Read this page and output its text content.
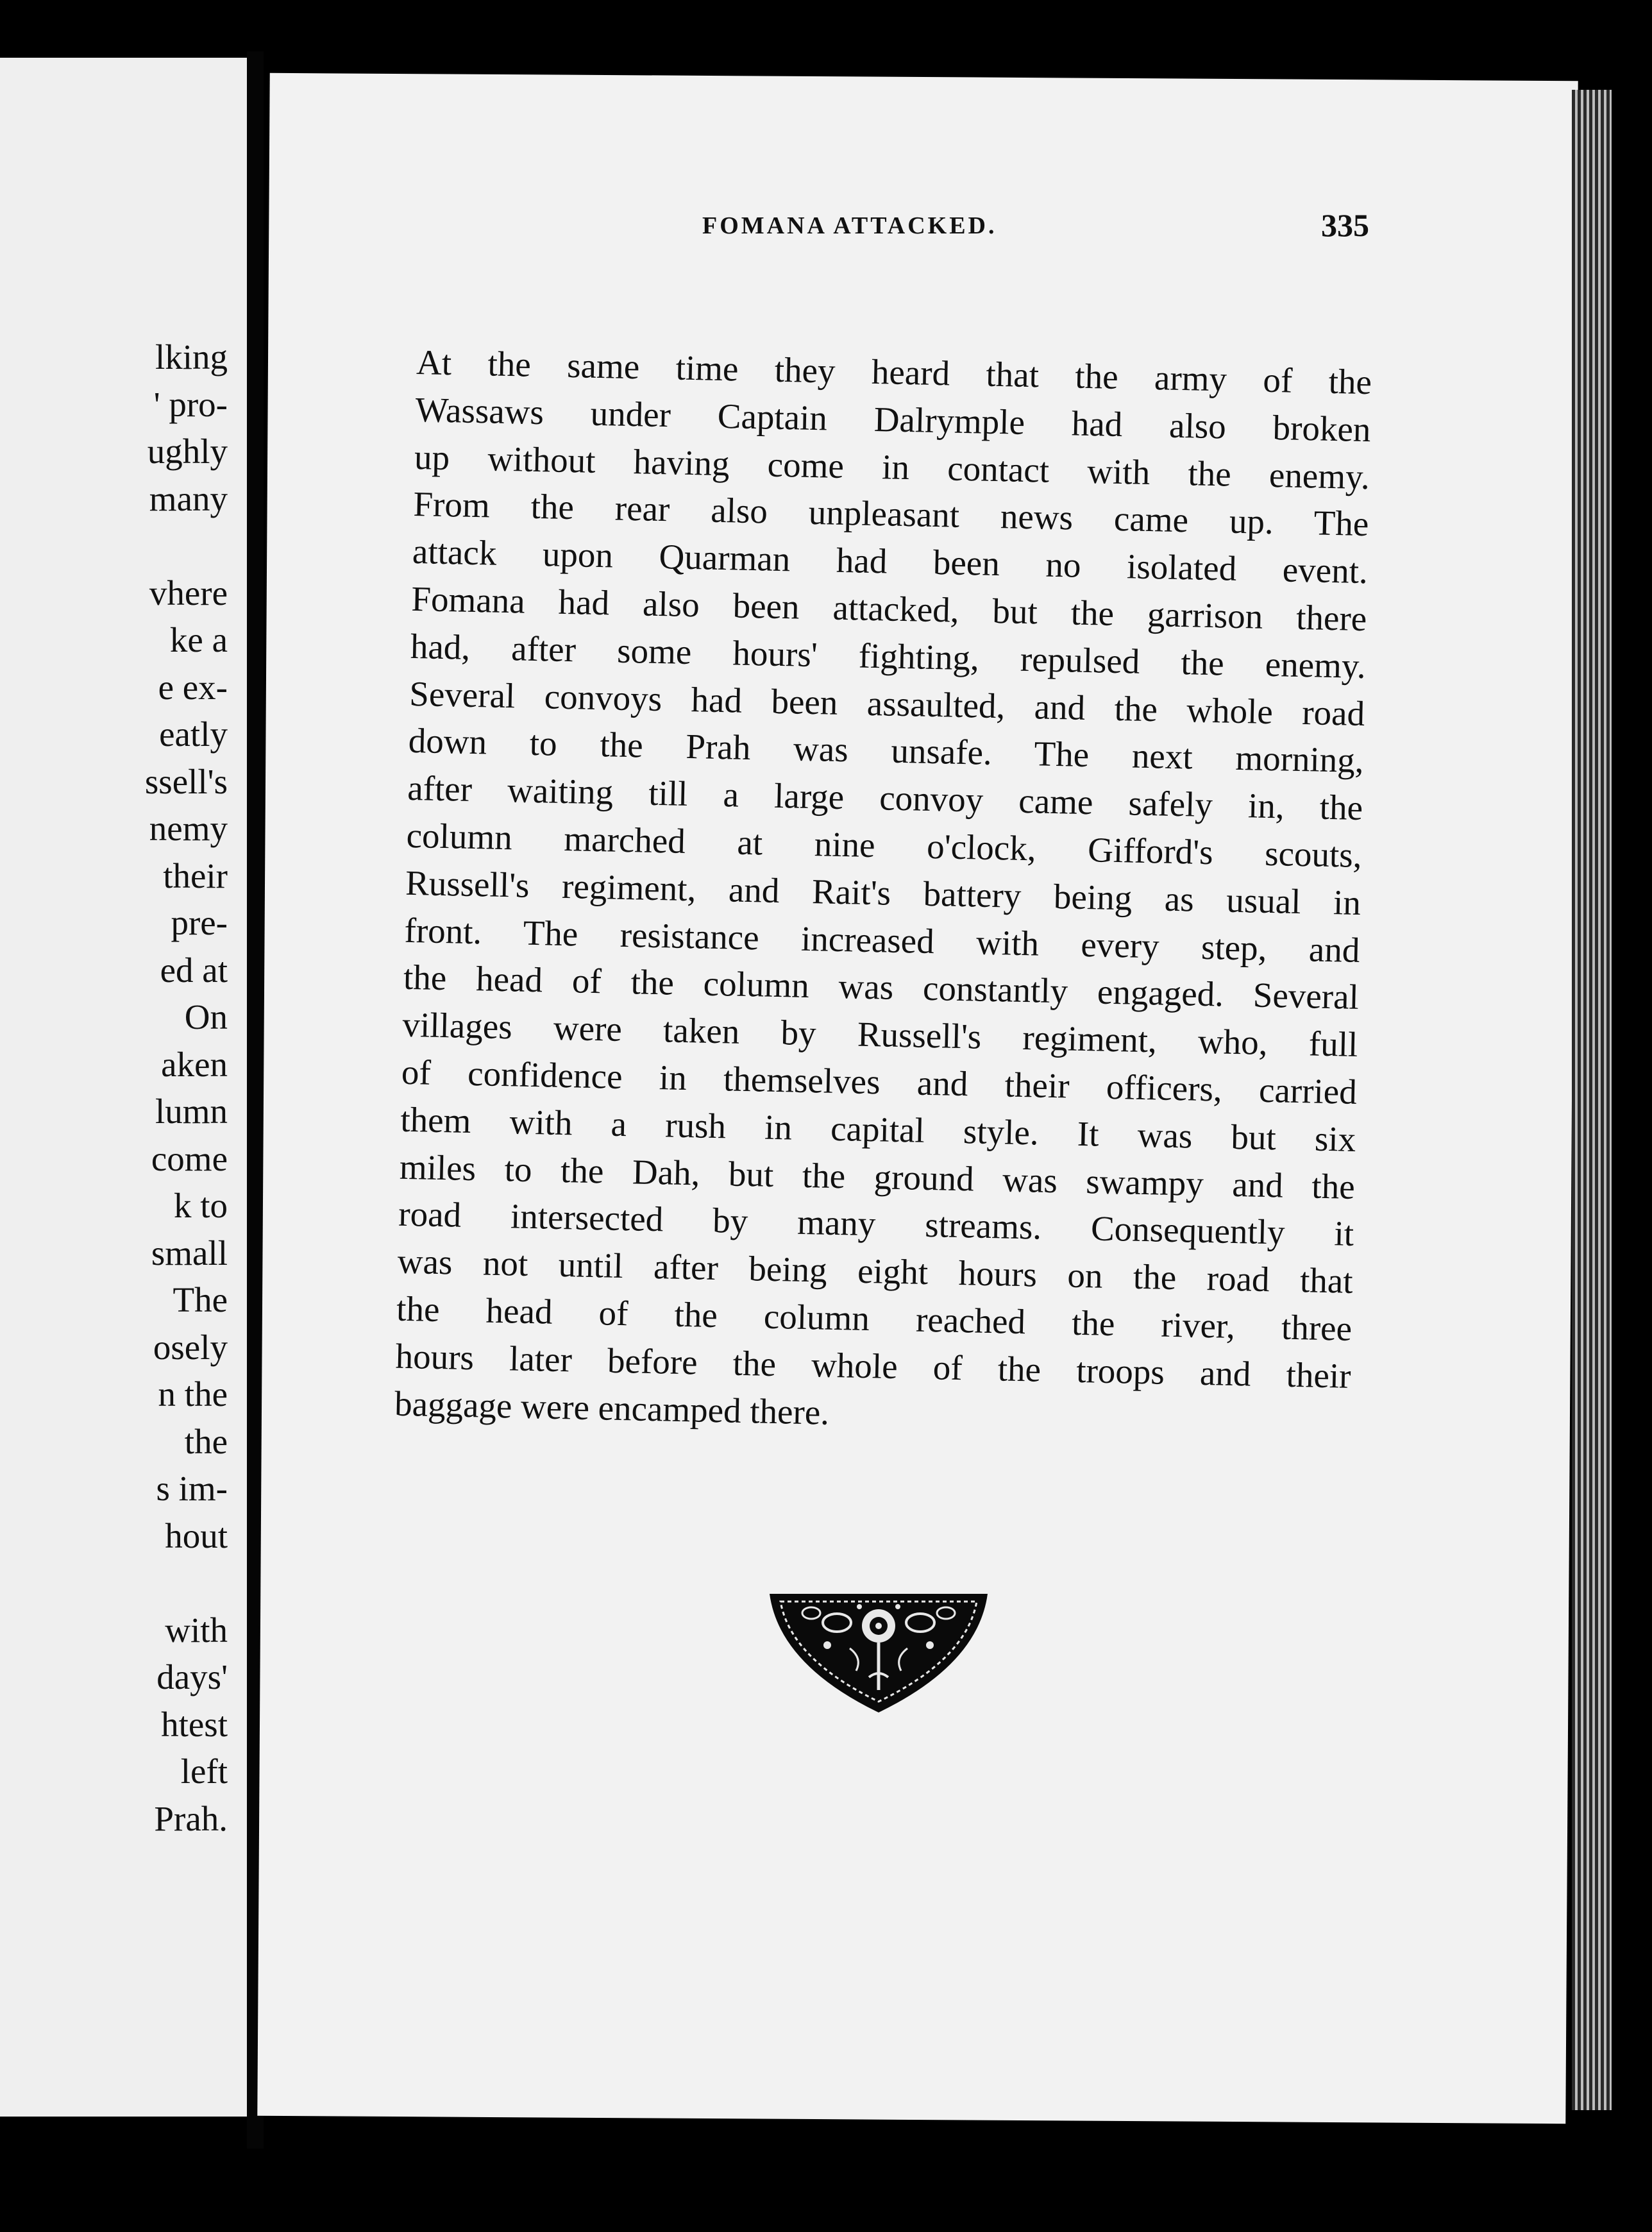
lking
' pro-
ughly
many
vhere
ke a
e ex-
eatly
ssell's
nemy
their
pre-
ed at
On
aken
lumn
come
k to
small
The
osely
n the
the
s im-
hout
with
days'
htest
left
Prah.
FOMANA ATTACKED.	335
At the same time they heard that the army of the
Wassaws under Captain Dalrymple had also broken
up without having come in contact with the enemy.
From the rear also unpleasant news came up. The
attack upon Quarman had been no isolated event.
Fomana had also been attacked, but the garrison there
had, after some hours' fighting, repulsed the enemy.
Several convoys had been assaulted, and the whole road
down to the Prah was unsafe. The next morning,
after waiting till a large convoy came safely in, the
column marched at nine o'clock, Gifford's scouts,
Russell's regiment, and Rait's battery being as usual in
front. The resistance increased with every step, and
the head of the column was constantly engaged. Several
villages were taken by Russell's regiment, who, full
of confidence in themselves and their officers, carried
them with a rush in capital style. It was but six
miles to the Dah, but the ground was swampy and the
road intersected by many streams. Consequently it
was not until after being eight hours on the road that
the head of the column reached the river, three
hours later before the whole of the troops and their
baggage were encamped there.
